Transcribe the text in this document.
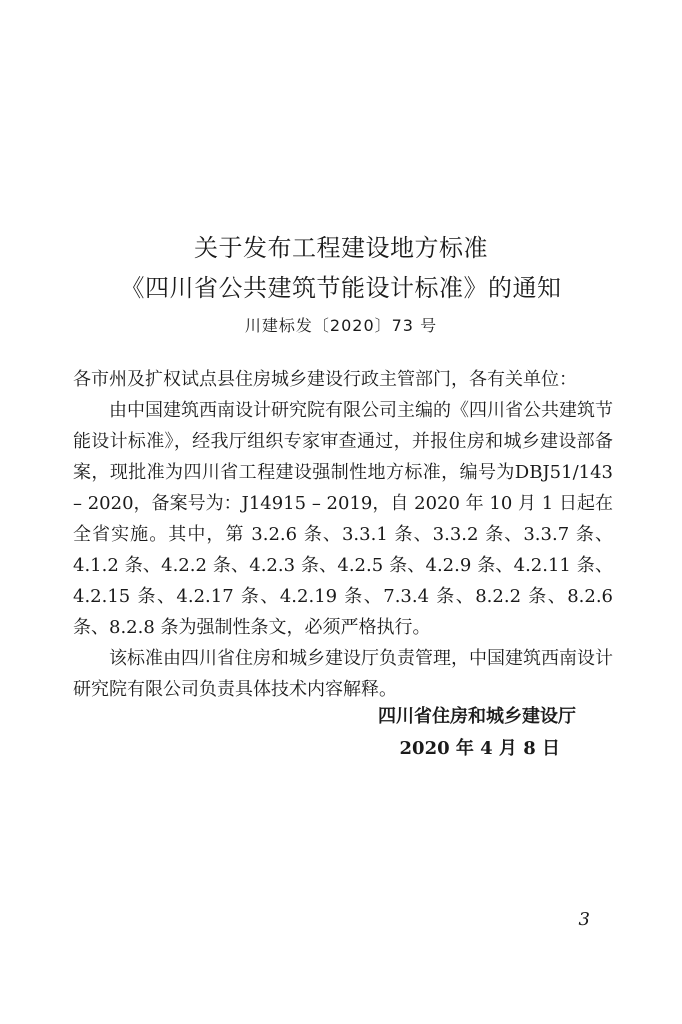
关于发布工程建设地方标准
《四川省公共建筑节能设计标准》的通知
川建标发〔2020〕73 号

各市州及扩权试点县住房城乡建设行政主管部门，各有关单位：

由中国建筑西南设计研究院有限公司主编的《四川省公共建筑节能设计标准》，经我厅组织专家审查通过，并报住房和城乡建设部备案，现批准为四川省工程建设强制性地方标准，编号为DBJ51/143 – 2020，备案号为：J14915 – 2019，自 2020 年 10 月 1 日起在全省实施。其中，第 3.2.6 条、3.3.1 条、3.3.2 条、3.3.7 条、4.1.2 条、4.2.2 条、4.2.3 条、4.2.5 条、4.2.9 条、4.2.11 条、4.2.15 条、4.2.17 条、4.2.19 条、7.3.4 条、8.2.2 条、8.2.6 条、8.2.8 条为强制性条文，必须严格执行。

该标准由四川省住房和城乡建设厅负责管理，中国建筑西南设计研究院有限公司负责具体技术内容解释。

四川省住房和城乡建设厅
2020 年 4 月 8 日
3
